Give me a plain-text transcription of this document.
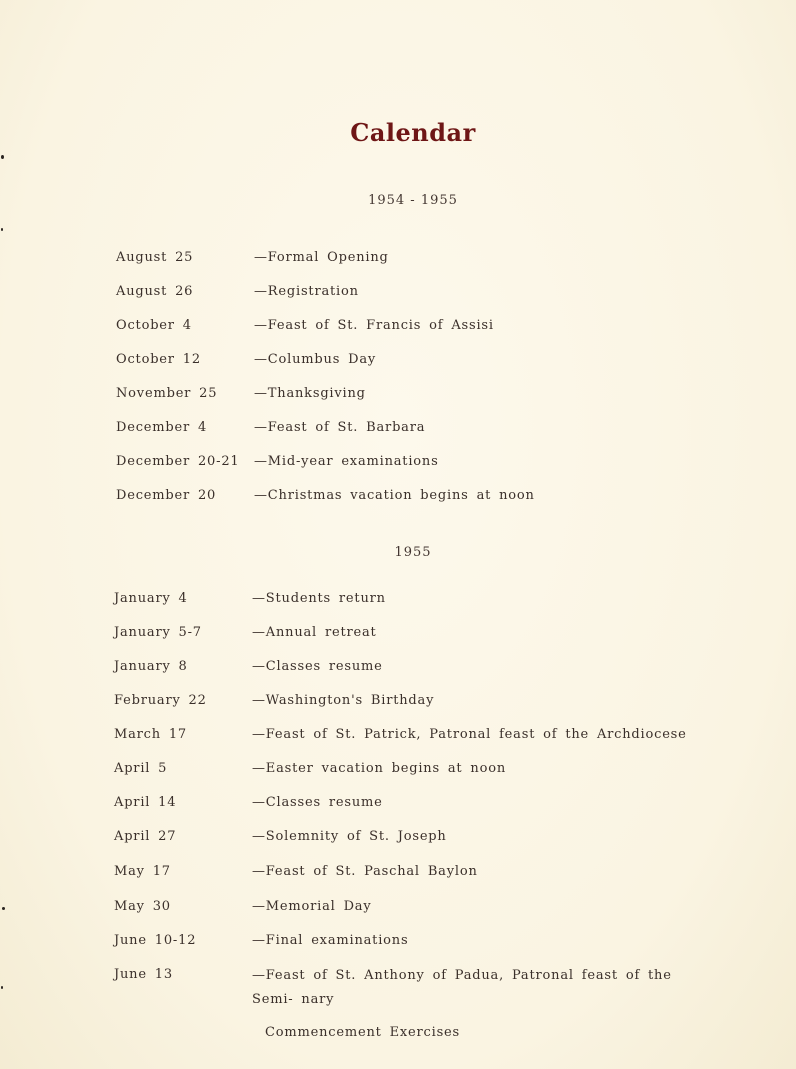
Calendar
1954 - 1955
August 25	—Formal Opening
August 26	—Registration
October 4	—Feast of St. Francis of Assisi
October 12	—Columbus Day
November 25	—Thanksgiving
December 4	—Feast of St. Barbara
December 20-21 —Mid-year examinations
December 20	—Christmas vacation begins at noon
1955
January 4	—Students return
January 5-7	—Annual retreat
January 8	—Classes resume
February 22	—Washington's Birthday
March 17	—Feast of St. Patrick, Patronal feast of the Archdiocese
April 5	—Easter vacation begins at noon
April 14	—Classes resume
April 27	—Solemnity of St. Joseph
May 17	—Feast of St. Paschal Baylon
May 30	—Memorial Day
June 10-12	—Final examinations
June 13	—Feast of St. Anthony of Padua, Patronal feast of the Semi- nary
Commencement Exercises
